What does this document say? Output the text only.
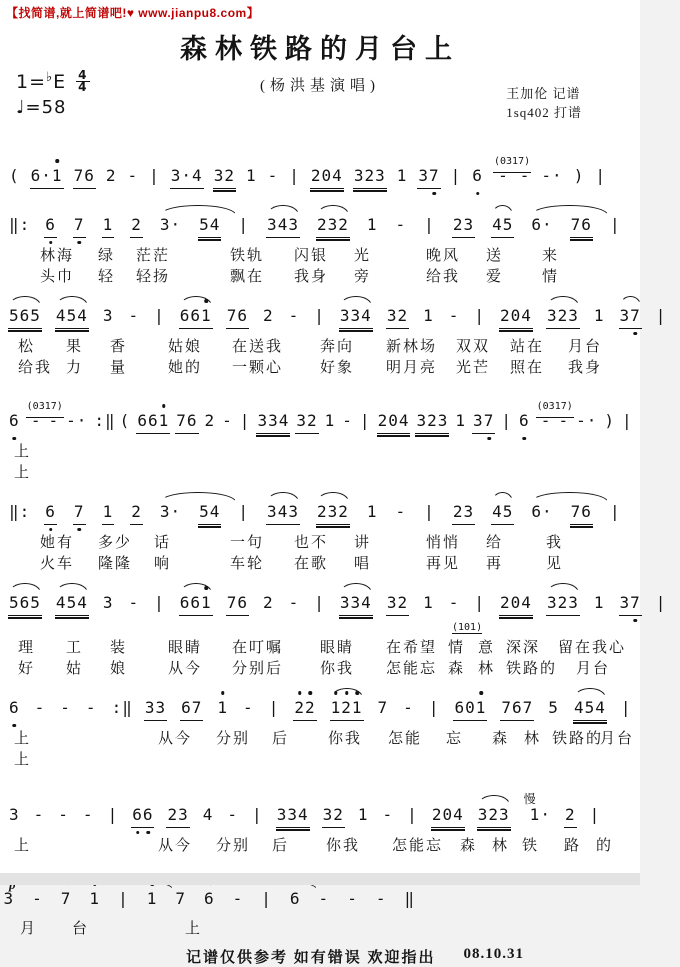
【找简谱,就上简谱吧!♥ www.jianpu8.com】
森林铁路的月台上
1= ♭ E $\frac{4}{4}$
♩=58
(杨洪基演唱)	王加伦 记谱
1sq402 打谱
( 6·1 76 2 - | 3·4 32 1 - | 204 323 1 37 | 6
(0317)- - -· ) |
‖: 6 7 1 2 3· 54 | 343 232 1 - | 23 45 6· 76 |
林海 绿 茫茫	铁轨 闪银 光	晚风 送	来
头巾 轻 轻扬	飘在 我身 旁	给我 爱	情
565 454 3 - | 661 76 2 - | 334 32 1 - | 204 323 1 37 |
松 果 香	姑娘 在送我 奔向 新林场 双双 站在 月台
给我 力 量	她的 一颗心 好象 明月亮 光芒 照在 我身
6
(0317)- - -· :‖ ( 661 76 2 - | 334 32 1 - | 204 323 1 37 | 6
(0317)- - -· ) |
上
上
‖: 6 7 1 2 3· 54 | 343 232 1 - | 23 45 6· 76 |
她有 多少 话	一句 也不 讲	悄悄 给	我
火车 隆隆 响	车轮 在歌 唱	再见 再	见
565 454 3 - | 661 76 2 - | 334 32 1 - | 204 323 1 37 |
(101)
理 工 装	眼睛 在叮嘱 眼睛 在希望 情 意 深深 留在我心
好 姑 娘	从今 分别后 你我 怎能忘 森 林 铁路的 月台
6 - - - :‖ 33 67 1 - | 2
2 1
2
1 7 - | 601 767 5 454 |
上	从今 分别 后	你我 怎能 忘 森 林 铁路的
月台
上
3 - - - | 6
6 23 4 - | 334 32 1 - | 204 323慢1· 2 |
上	从今 分别 后 你我 怎能忘 森 林 铁 路 的
3 - 7 1 | 1 7 6 - | 6 - - - ‖
月 台	上
记谱仅供参考 如有错误 欢迎指出 08.10.31
